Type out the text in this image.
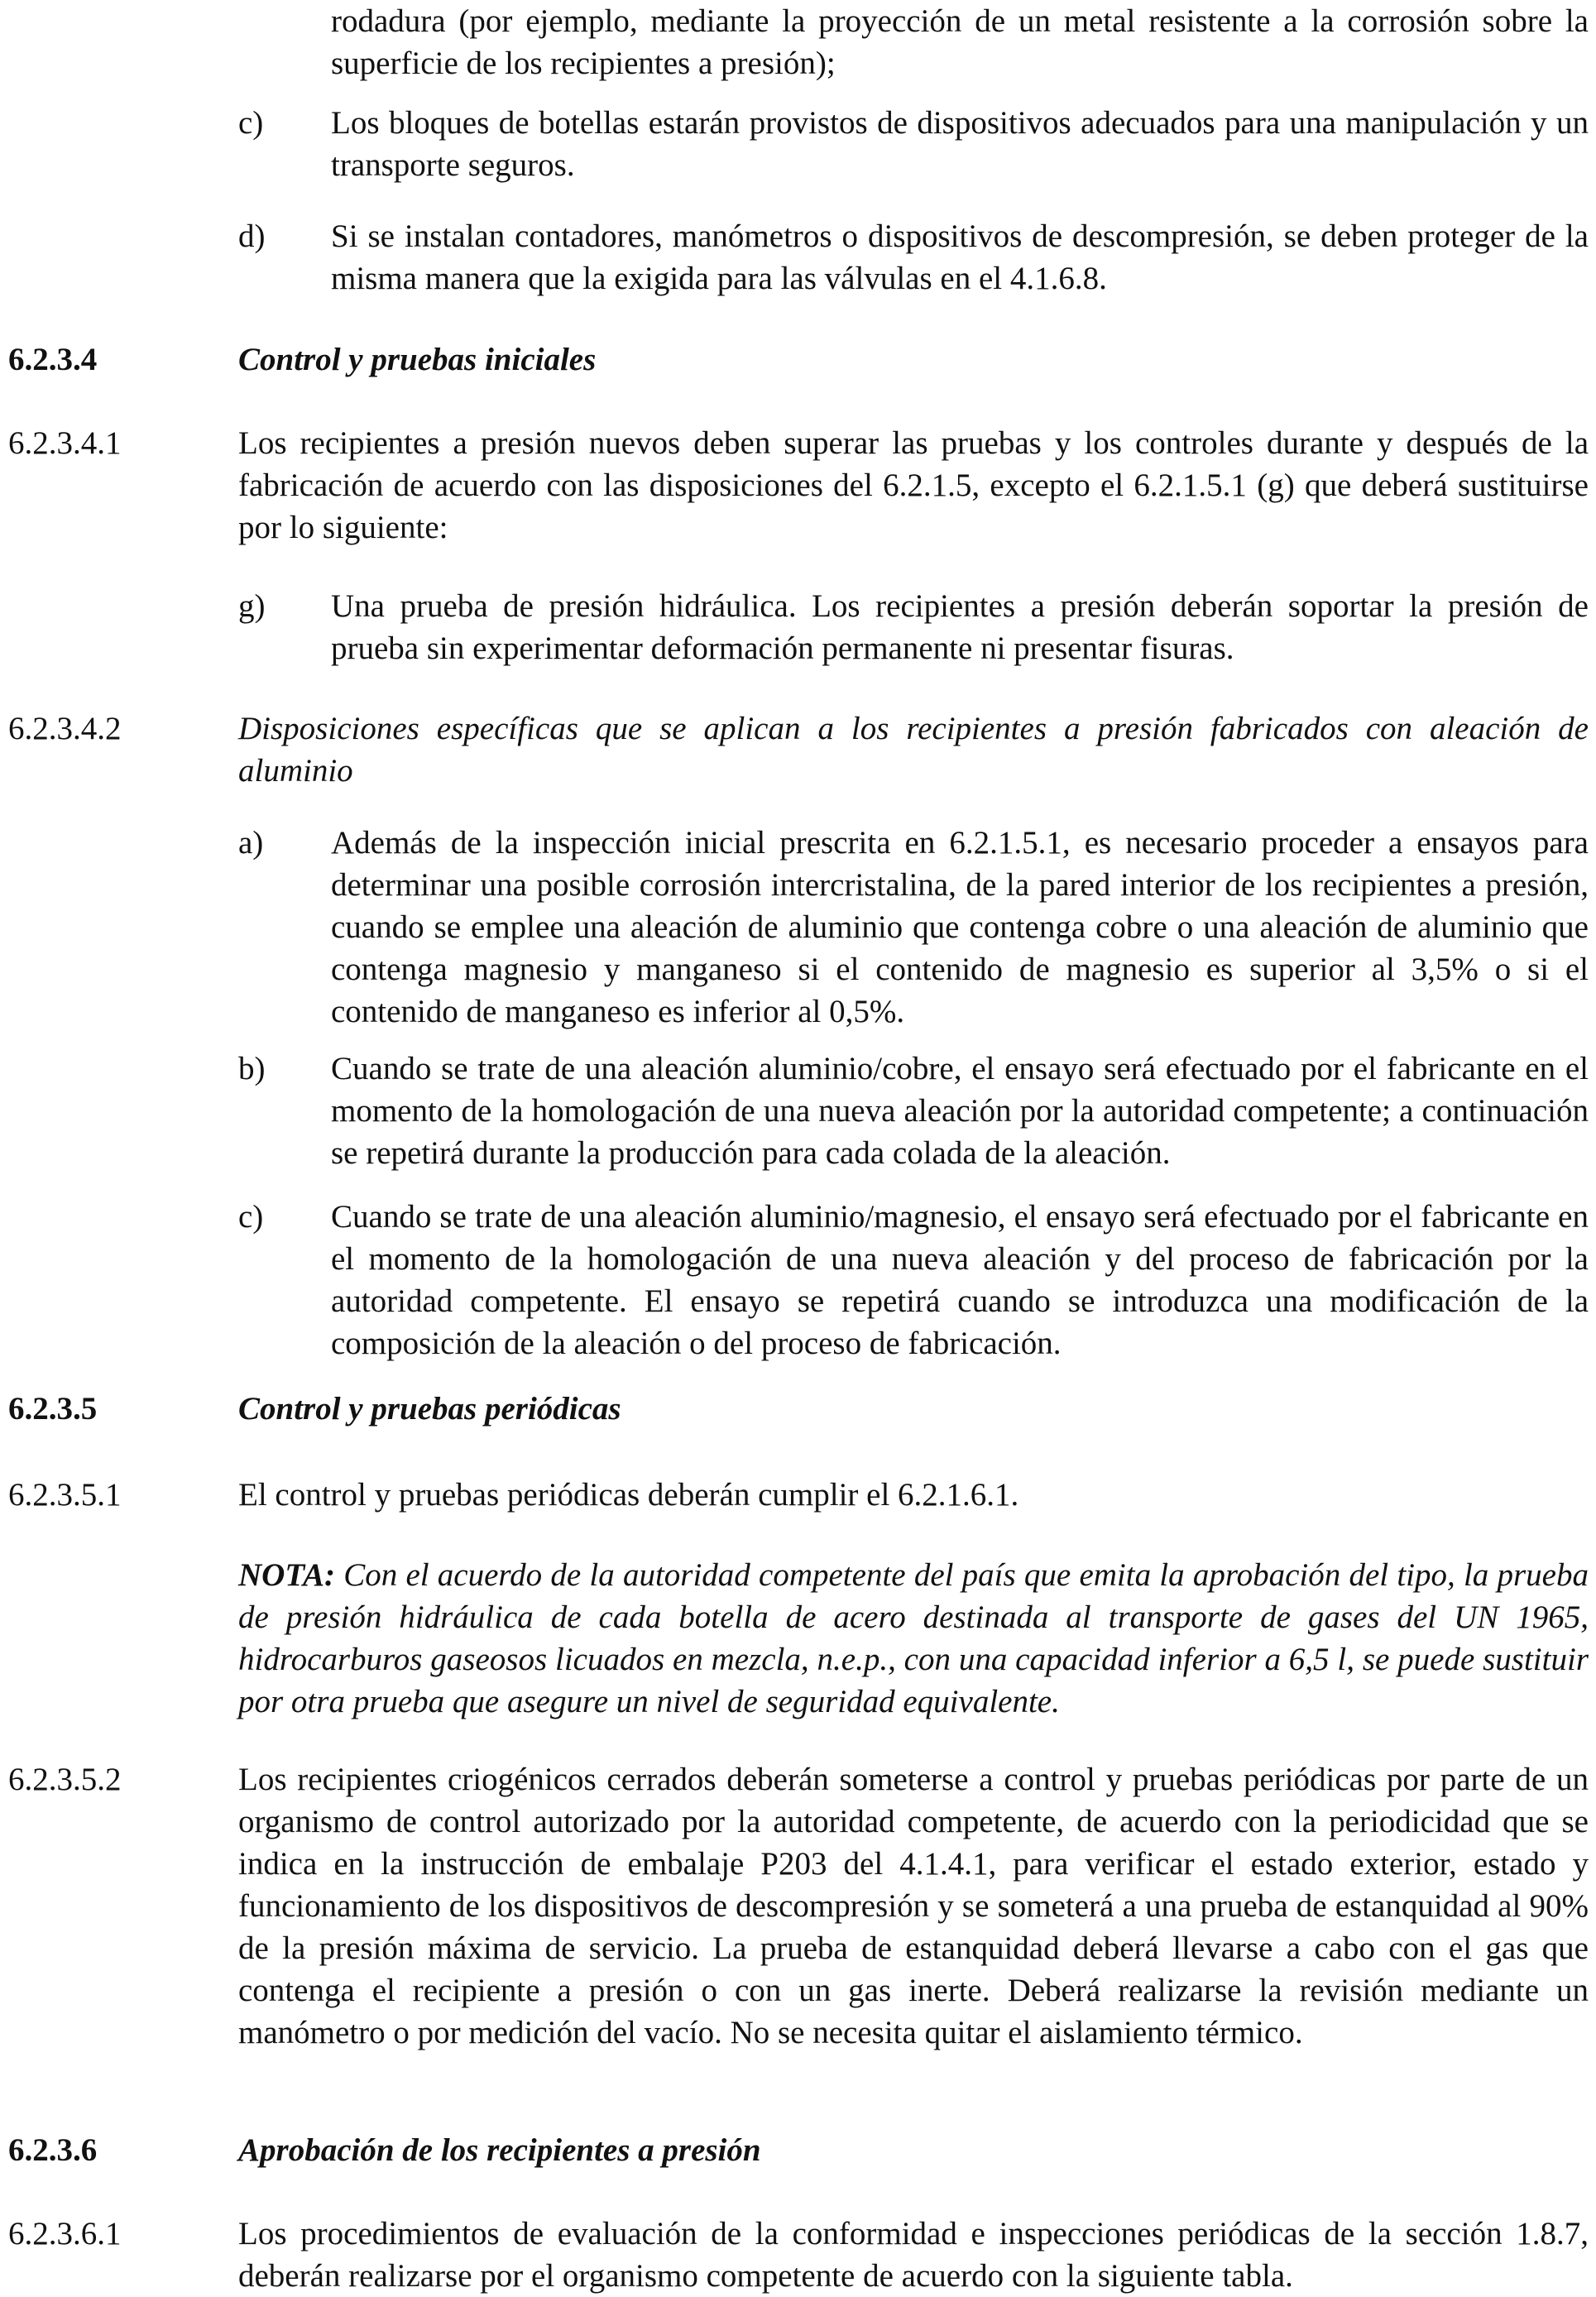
rodadura (por ejemplo, mediante la proyección de un metal resistente a la corrosión sobre la superficie de los recipientes a presión);

c) Los bloques de botellas estarán provistos de dispositivos adecuados para una manipulación y un transporte seguros.

d) Si se instalan contadores, manómetros o dispositivos de descompresión, se deben proteger de la misma manera que la exigida para las válvulas en el 4.1.6.8.

6.2.3.4	Control y pruebas iniciales
6.2.3.4.1	Los recipientes a presión nuevos deben superar las pruebas y los controles durante y después de la fabricación de acuerdo con las disposiciones del 6.2.1.5, excepto el 6.2.1.5.1 (g) que deberá sustituirse por lo siguiente:

g) Una prueba de presión hidráulica. Los recipientes a presión deberán soportar la presión de prueba sin experimentar deformación permanente ni presentar fisuras.

6.2.3.4.2	Disposiciones específicas que se aplican a los recipientes a presión fabricados con aleación de aluminio

a) Además de la inspección inicial prescrita en 6.2.1.5.1, es necesario proceder a ensayos para determinar una posible corrosión intercristalina, de la pared interior de los recipientes a presión, cuando se emplee una aleación de aluminio que contenga cobre o una aleación de aluminio que contenga magnesio y manganeso si el contenido de magnesio es superior al 3,5% o si el contenido de manganeso es inferior al 0,5%.

b) Cuando se trate de una aleación aluminio/cobre, el ensayo será efectuado por el fabricante en el momento de la homologación de una nueva aleación por la autoridad competente; a continuación se repetirá durante la producción para cada colada de la aleación.

c) Cuando se trate de una aleación aluminio/magnesio, el ensayo será efectuado por el fabricante en el momento de la homologación de una nueva aleación y del proceso de fabricación por la autoridad competente. El ensayo se repetirá cuando se introduzca una modificación de la composición de la aleación o del proceso de fabricación.

6.2.3.5	Control y pruebas periódicas
6.2.3.5.1	El control y pruebas periódicas deberán cumplir el 6.2.1.6.1.

NOTA: Con el acuerdo de la autoridad competente del país que emita la aprobación del tipo, la prueba de presión hidráulica de cada botella de acero destinada al transporte de gases del UN 1965, hidrocarburos gaseosos licuados en mezcla, n.e.p., con una capacidad inferior a 6,5 l, se puede sustituir por otra prueba que asegure un nivel de seguridad equivalente.

6.2.3.5.2	Los recipientes criogénicos cerrados deberán someterse a control y pruebas periódicas por parte de un organismo de control autorizado por la autoridad competente, de acuerdo con la periodicidad que se indica en la instrucción de embalaje P203 del 4.1.4.1, para verificar el estado exterior, estado y funcionamiento de los dispositivos de descompresión y se someterá a una prueba de estanquidad al 90% de la presión máxima de servicio. La prueba de estanquidad deberá llevarse a cabo con el gas que contenga el recipiente a presión o con un gas inerte. Deberá realizarse la revisión mediante un manómetro o por medición del vacío. No se necesita quitar el aislamiento térmico.

6.2.3.6	Aprobación de los recipientes a presión
6.2.3.6.1	Los procedimientos de evaluación de la conformidad e inspecciones periódicas de la sección 1.8.7, deberán realizarse por el organismo competente de acuerdo con la siguiente tabla.
